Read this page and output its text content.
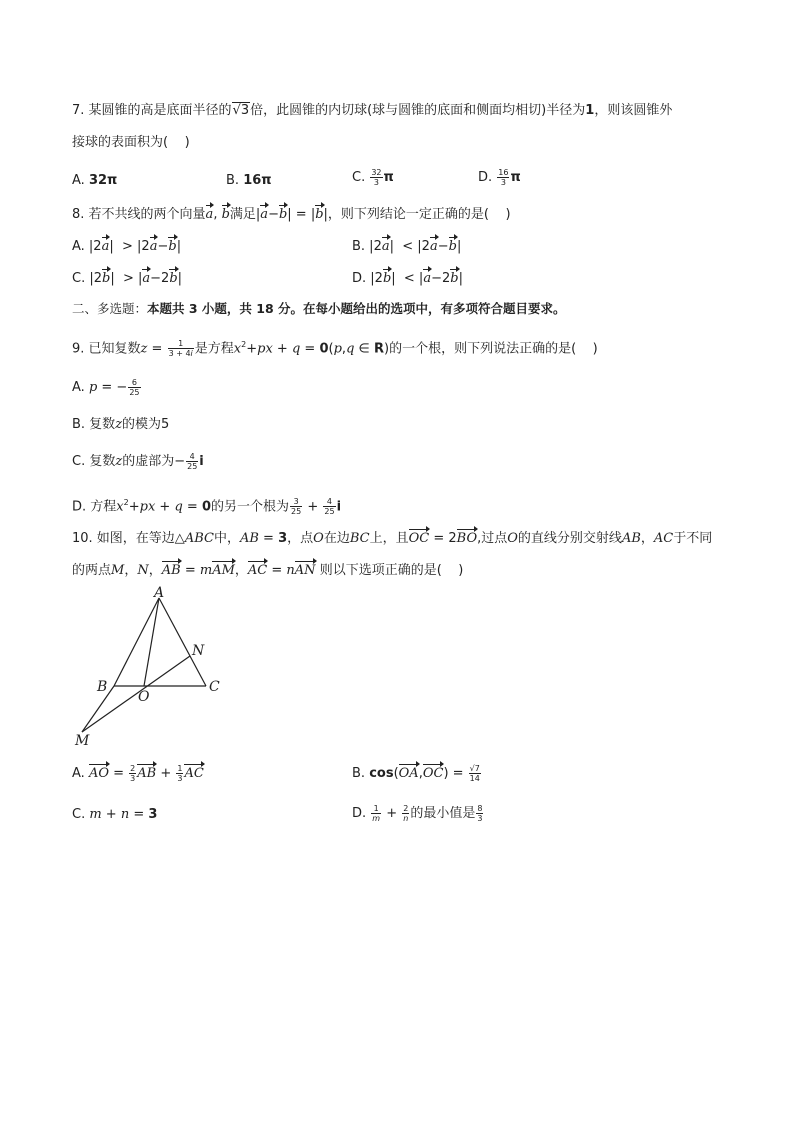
7. 某圆锥的高是底面半径的√3倍，此圆锥的内切球(球与圆锥的底面和侧面均相切)半径为1，则该圆锥外
接球的表面积为(    )
A. 32π	B. 16π	C. $\frac{32}{3}$ π	D. $\frac{16}{3}$ π
8. 若不共线的两个向量a, b满足|a−b| = |b|，则下列结论一定正确的是(    )
A. |2a|  > |2a−b|	B. |2a|  < |2a−b|
C. |2b|  > |a−2b|	D. |2b|  < |a−2b|
二、多选题：本题共 3 小题，共 18 分。在每小题给出的选项中，有多项符合题目要求。
9. 已知复数$z = \frac{1}{3 + 4i}$ 是方程$x^2+px + q = 0(p,q$ ∈ R)的一个根，则下列说法正确的是(    )
A. p = − $\frac{6}{25}$
B. 复数z的模为5
C. 复数z的虚部为− $\frac{4}{25}$ i
D. 方程$x^2+px + q = 0$的另一个根为 $\frac{3}{25} + \frac{4}{25}$ i
10. 如图，在等边△ABC中，AB = 3，点O在边BC上，且OC = 2BO,过点O的直线分别交射线AB，AC于不同
的两点M，N，AB = mAM，AC = nAN 则以下选项正确的是(    )
A
B	C
O
N
M
A. AO = $\frac{2}{3}$ AB + $\frac{1}{3}$ AC	B. $\cos(OA,OC) = \frac{√7}{14}$
C. m + n = 3	D. $\frac{1}{m} + \frac{2}{n}$ 的最小值是 $\frac{8}{3}$
